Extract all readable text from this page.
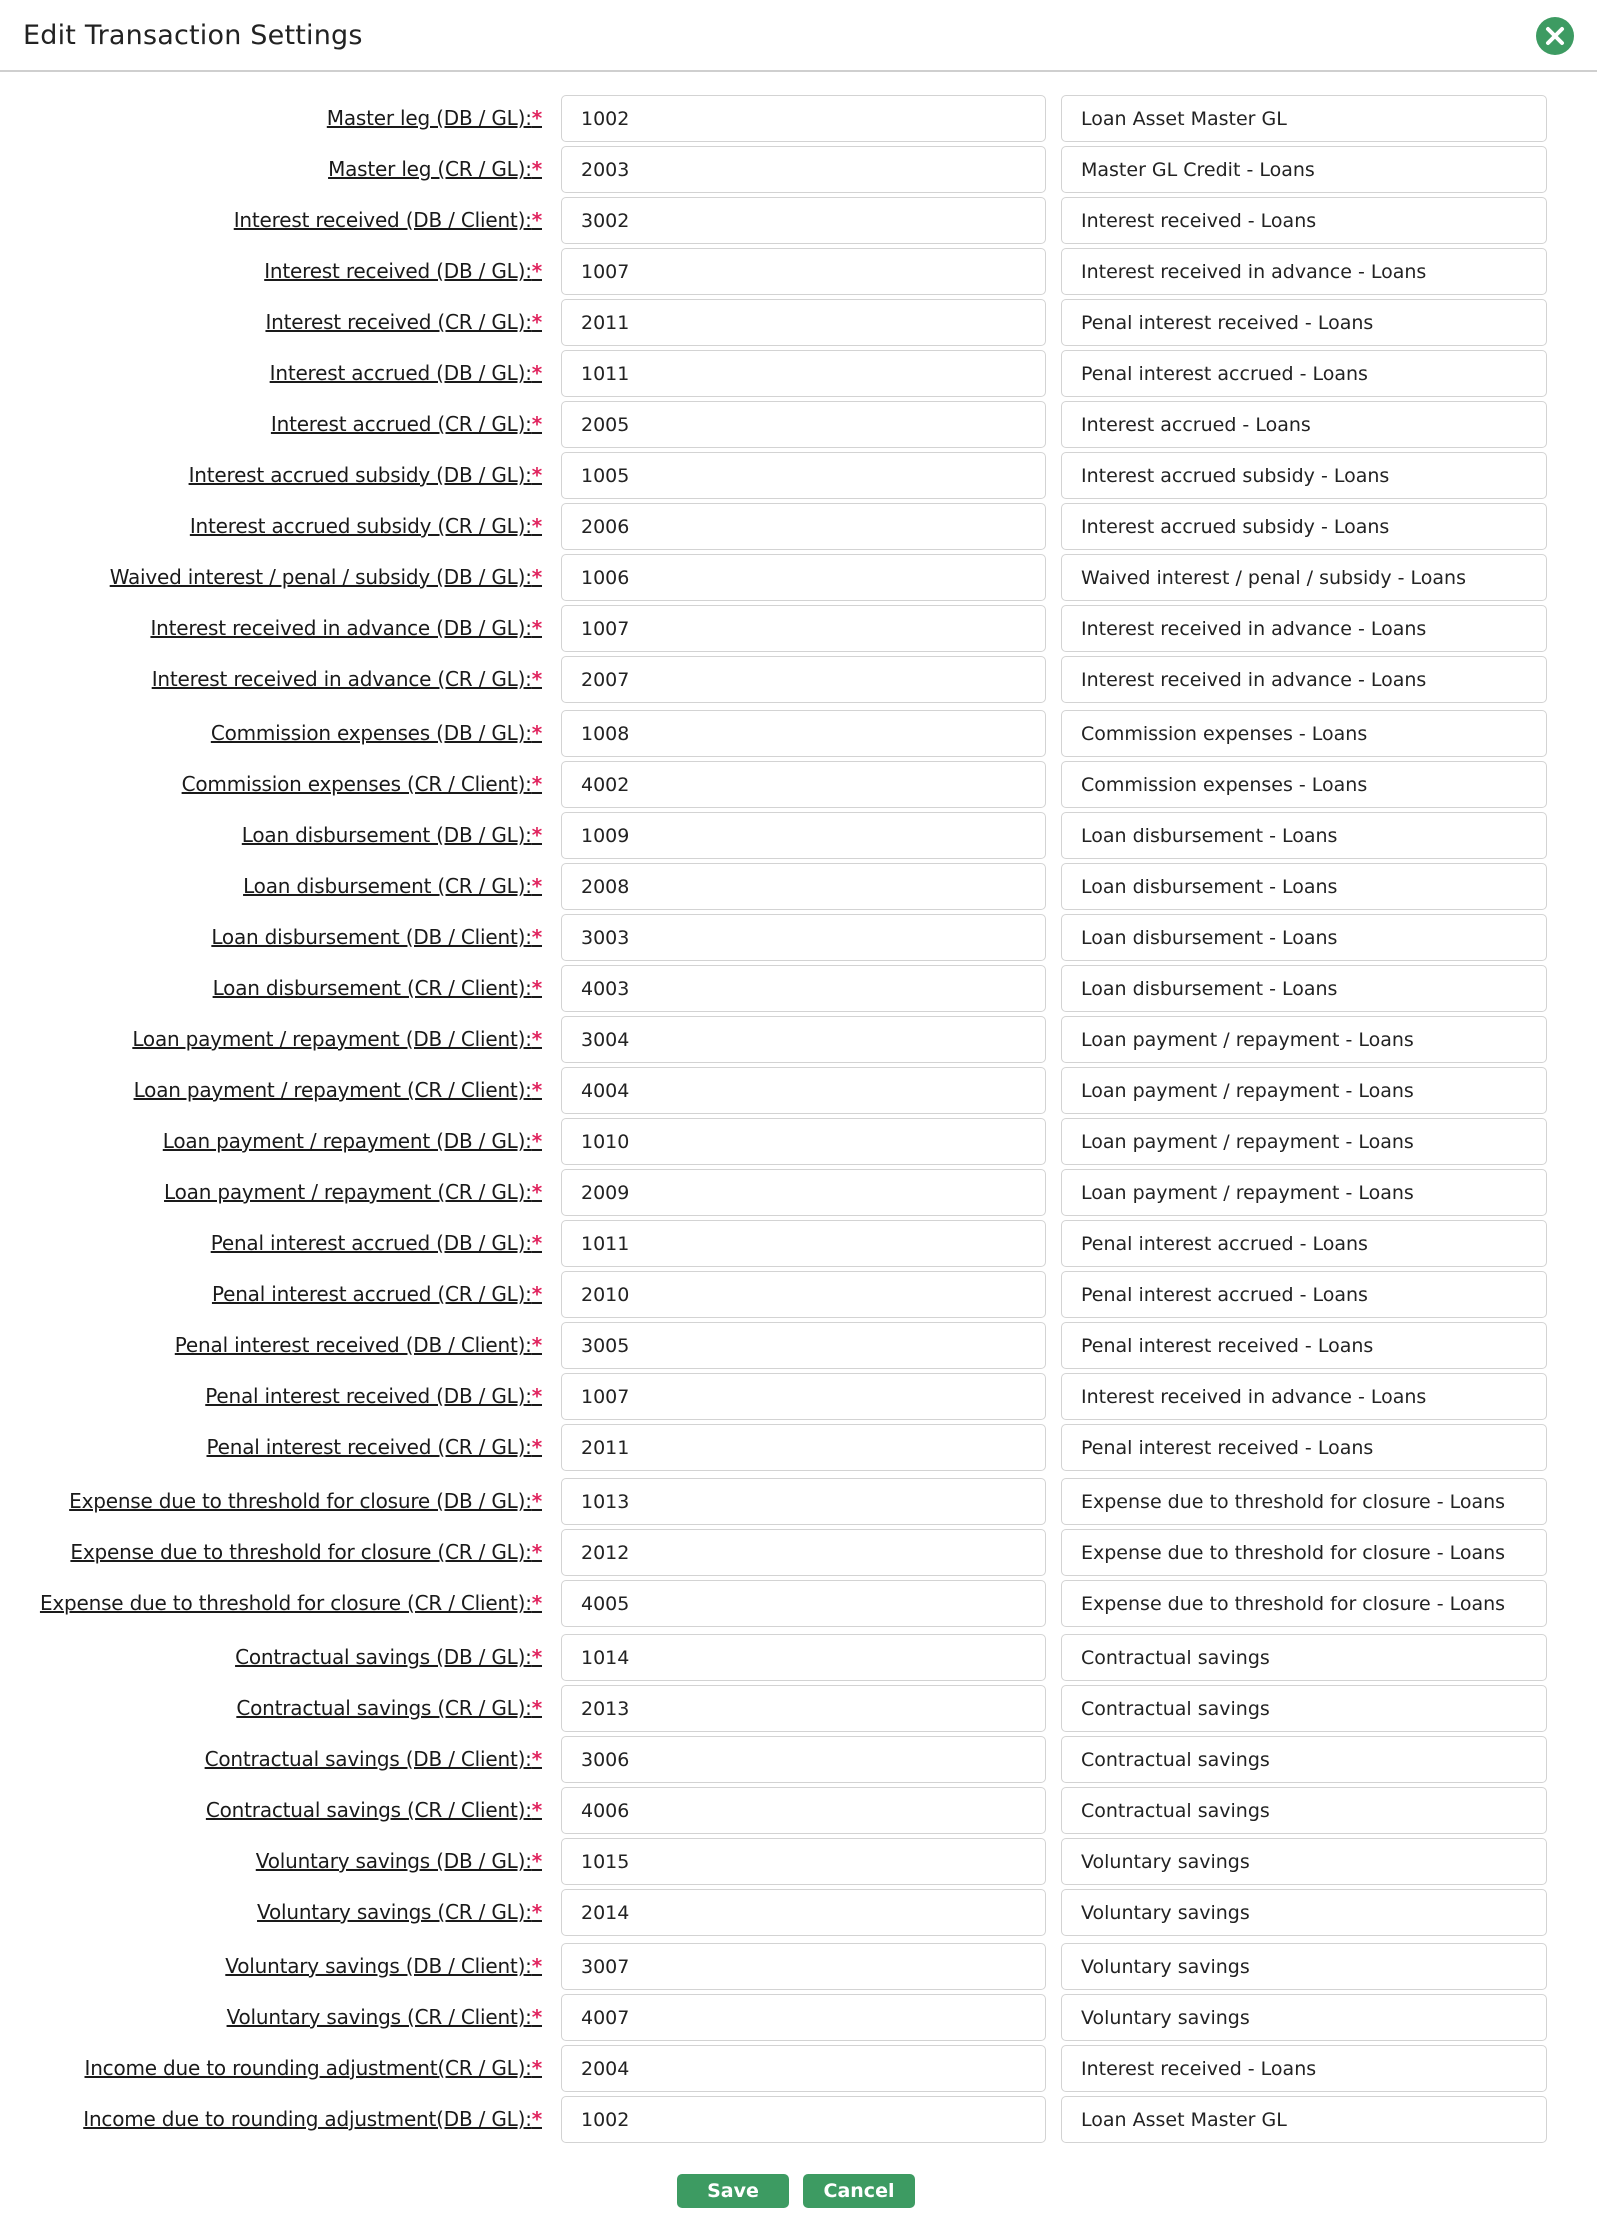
Edit Transaction Settings
Master leg (DB / GL):*
1002
Loan Asset Master GL
Master leg (CR / GL):*
2003
Master GL Credit - Loans
Interest received (DB / Client):*
3002
Interest received - Loans
Interest received (DB / GL):*
1007
Interest received in advance - Loans
Interest received (CR / GL):*
2011
Penal interest received - Loans
Interest accrued (DB / GL):*
1011
Penal interest accrued - Loans
Interest accrued (CR / GL):*
2005
Interest accrued - Loans
Interest accrued subsidy (DB / GL):*
1005
Interest accrued subsidy - Loans
Interest accrued subsidy (CR / GL):*
2006
Interest accrued subsidy - Loans
Waived interest / penal / subsidy (DB / GL):*
1006
Waived interest / penal / subsidy - Loans
Interest received in advance (DB / GL):*
1007
Interest received in advance - Loans
Interest received in advance (CR / GL):*
2007
Interest received in advance - Loans
Commission expenses (DB / GL):*
1008
Commission expenses - Loans
Commission expenses (CR / Client):*
4002
Commission expenses - Loans
Loan disbursement (DB / GL):*
1009
Loan disbursement - Loans
Loan disbursement (CR / GL):*
2008
Loan disbursement - Loans
Loan disbursement (DB / Client):*
3003
Loan disbursement - Loans
Loan disbursement (CR / Client):*
4003
Loan disbursement - Loans
Loan payment / repayment (DB / Client):*
3004
Loan payment / repayment - Loans
Loan payment / repayment (CR / Client):*
4004
Loan payment / repayment - Loans
Loan payment / repayment (DB / GL):*
1010
Loan payment / repayment - Loans
Loan payment / repayment (CR / GL):*
2009
Loan payment / repayment - Loans
Penal interest accrued (DB / GL):*
1011
Penal interest accrued - Loans
Penal interest accrued (CR / GL):*
2010
Penal interest accrued - Loans
Penal interest received (DB / Client):*
3005
Penal interest received - Loans
Penal interest received (DB / GL):*
1007
Interest received in advance - Loans
Penal interest received (CR / GL):*
2011
Penal interest received - Loans
Expense due to threshold for closure (DB / GL):*
1013
Expense due to threshold for closure - Loans
Expense due to threshold for closure (CR / GL):*
2012
Expense due to threshold for closure - Loans
Expense due to threshold for closure (CR / Client):*
4005
Expense due to threshold for closure - Loans
Contractual savings (DB / GL):*
1014
Contractual savings
Contractual savings (CR / GL):*
2013
Contractual savings
Contractual savings (DB / Client):*
3006
Contractual savings
Contractual savings (CR / Client):*
4006
Contractual savings
Voluntary savings (DB / GL):*
1015
Voluntary savings
Voluntary savings (CR / GL):*
2014
Voluntary savings
Voluntary savings (DB / Client):*
3007
Voluntary savings
Voluntary savings (CR / Client):*
4007
Voluntary savings
Income due to rounding adjustment(CR / GL):*
2004
Interest received - Loans
Income due to rounding adjustment(DB / GL):*
1002
Loan Asset Master GL
Save	Cancel
